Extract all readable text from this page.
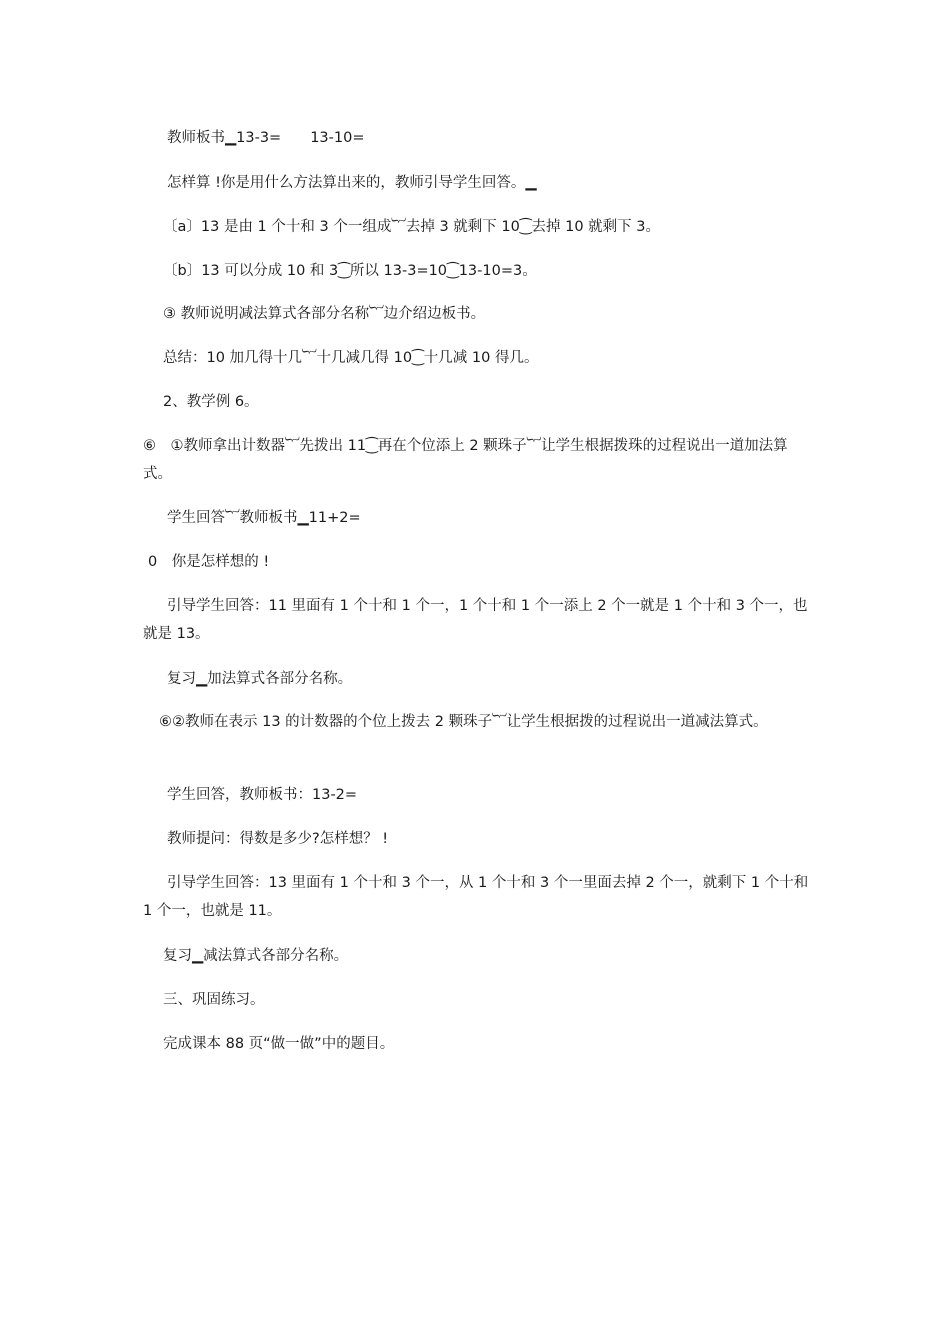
教师板书▁13-3=　　13-10=
怎样算 !你是用什么方法算出来的，教师引导学生回答。▁
〔a〕13 是由 1 个十和 3 个一组成︸去掉 3 就剩下 10⁐去掉 10 就剩下 3。
〔b〕13 可以分成 10 和 3⁐所以 13-3=10⁐13-10=3。
③ 教师说明减法算式各部分名称︸边介绍边板书。
总结：10 加几得十几︸十几减几得 10⁐十几减 10 得几。
2、教学例 6。
⑥　①教师拿出计数器︸先拨出 11⁐再在个位添上 2 颗珠子︸让学生根据拨珠的过程说出一道加法算式。
学生回答︸教师板书▁11+2=
0　你是怎样想的 !
引导学生回答：11 里面有 1 个十和 1 个一，1 个十和 1 个一添上 2 个一就是 1 个十和 3 个一，也就是 13。
复习▁加法算式各部分名称。
⑥②教师在表示 13 的计数器的个位上拨去 2 颗珠子︸让学生根据拨的过程说出一道减法算式。
学生回答，教师板书：13-2=
教师提问：得数是多少?怎样想？ !
引导学生回答：13 里面有 1 个十和 3 个一，从 1 个十和 3 个一里面去掉 2 个一，就剩下 1 个十和 1 个一，也就是 11。
复习▁减法算式各部分名称。
三、巩固练习。
完成课本 88 页“做一做”中的题目。
